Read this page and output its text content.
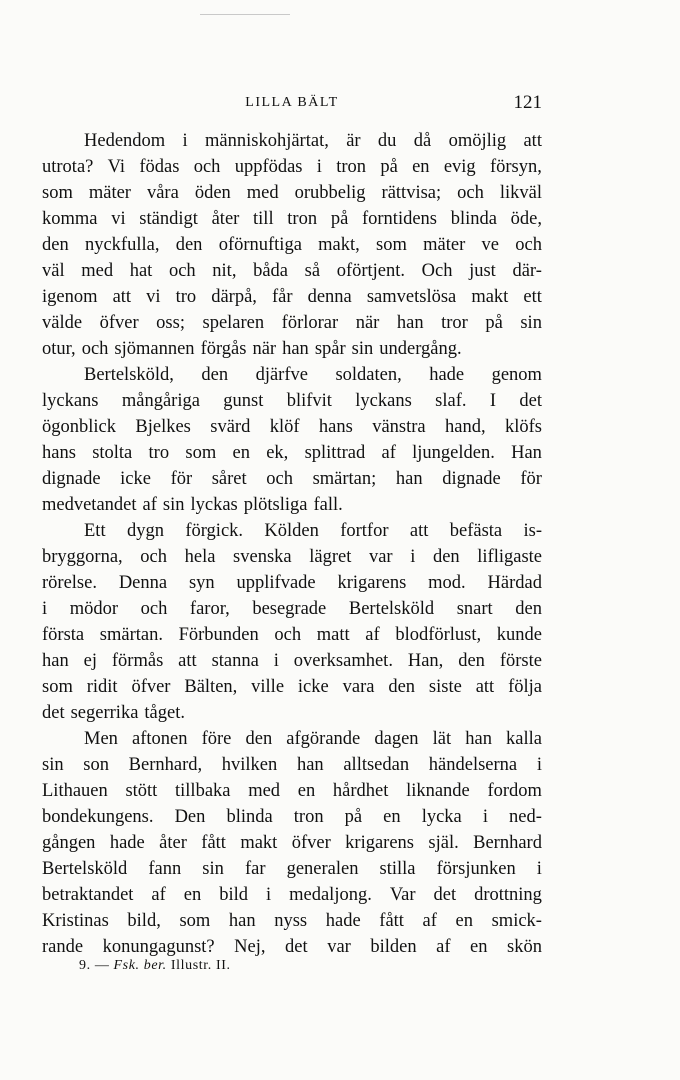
LILLA BÄLT	121
Hedendom i människohjärtat, är du då omöjlig att
utrota? Vi födas och uppfödas i tron på en evig försyn,
som mäter våra öden med orubbelig rättvisa; och likväl
komma vi ständigt åter till tron på forntidens blinda öde,
den nyckfulla, den oförnuftiga makt, som mäter ve och
väl med hat och nit, båda så oförtjent. Och just där-
igenom att vi tro därpå, får denna samvetslösa makt ett
välde öfver oss; spelaren förlorar när han tror på sin
otur, och sjömannen förgås när han spår sin undergång.
Bertelsköld, den djärfve soldaten, hade genom
lyckans mångåriga gunst blifvit lyckans slaf. I det
ögonblick Bjelkes svärd klöf hans vänstra hand, klöfs
hans stolta tro som en ek, splittrad af ljungelden. Han
dignade icke för såret och smärtan; han dignade för
medvetandet af sin lyckas plötsliga fall.
Ett dygn förgick. Kölden fortfor att befästa is-
bryggorna, och hela svenska lägret var i den lifligaste
rörelse. Denna syn upplifvade krigarens mod. Härdad
i mödor och faror, besegrade Bertelsköld snart den
första smärtan. Förbunden och matt af blodförlust, kunde
han ej förmås att stanna i overksamhet. Han, den förste
som ridit öfver Bälten, ville icke vara den siste att följa
det segerrika tåget.
Men aftonen före den afgörande dagen lät han kalla
sin son Bernhard, hvilken han alltsedan händelserna i
Lithauen stött tillbaka med en hårdhet liknande fordom
bondekungens. Den blinda tron på en lycka i ned-
gången hade åter fått makt öfver krigarens själ. Bernhard
Bertelsköld fann sin far generalen stilla försjunken i
betraktandet af en bild i medaljong. Var det drottning
Kristinas bild, som han nyss hade fått af en smick-
rande konungagunst? Nej, det var bilden af en skön
9. — Fsk. ber. Illustr. II.
